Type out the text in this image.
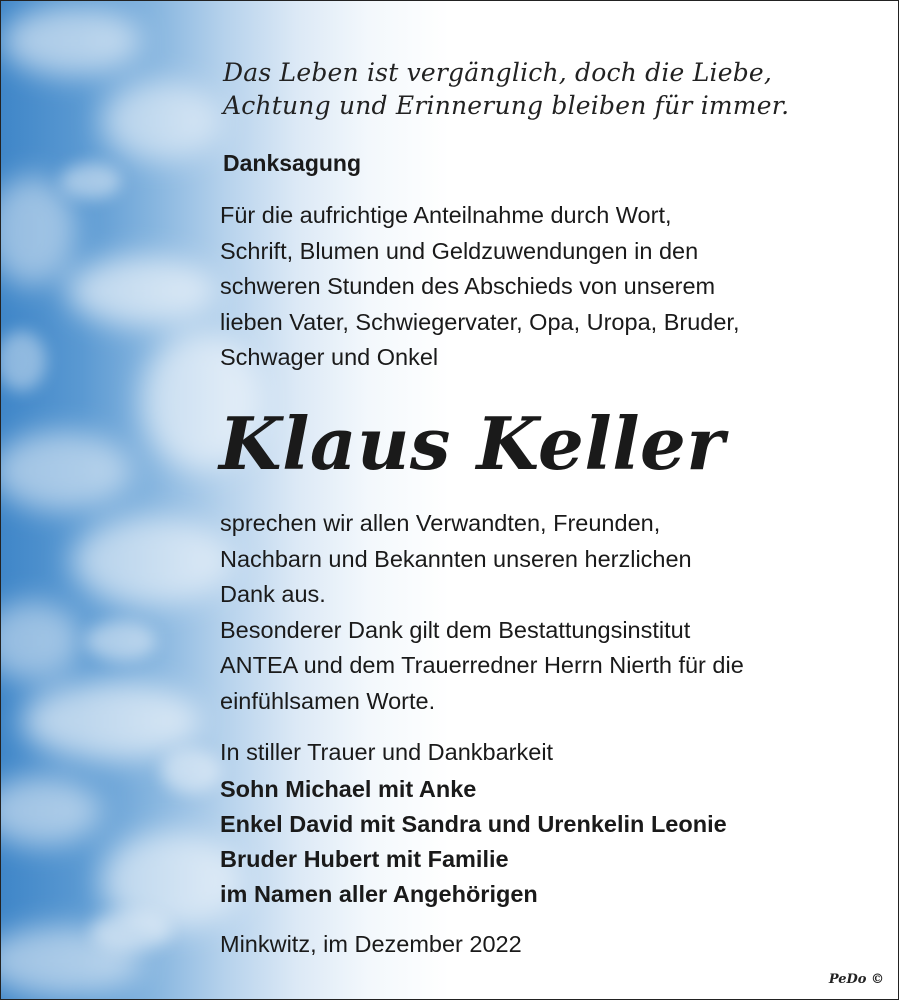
Das Leben ist vergänglich, doch die Liebe,
Achtung und Erinnerung bleiben für immer.

Danksagung

Für die aufrichtige Anteilnahme durch Wort,
Schrift, Blumen und Geldzuwendungen in den
schweren Stunden des Abschieds von unserem
lieben Vater, Schwiegervater, Opa, Uropa, Bruder,
Schwager und Onkel

Klaus Keller

sprechen wir allen Verwandten, Freunden,
Nachbarn und Bekannten unseren herzlichen
Dank aus.
Besonderer Dank gilt dem Bestattungsinstitut
ANTEA und dem Trauerredner Herrn Nierth für die
einfühlsamen Worte.

In stiller Trauer und Dankbarkeit

Sohn Michael mit Anke
Enkel David mit Sandra und Urenkelin Leonie
Bruder Hubert mit Familie
im Namen aller Angehörigen

Minkwitz, im Dezember 2022

PeDo ©
